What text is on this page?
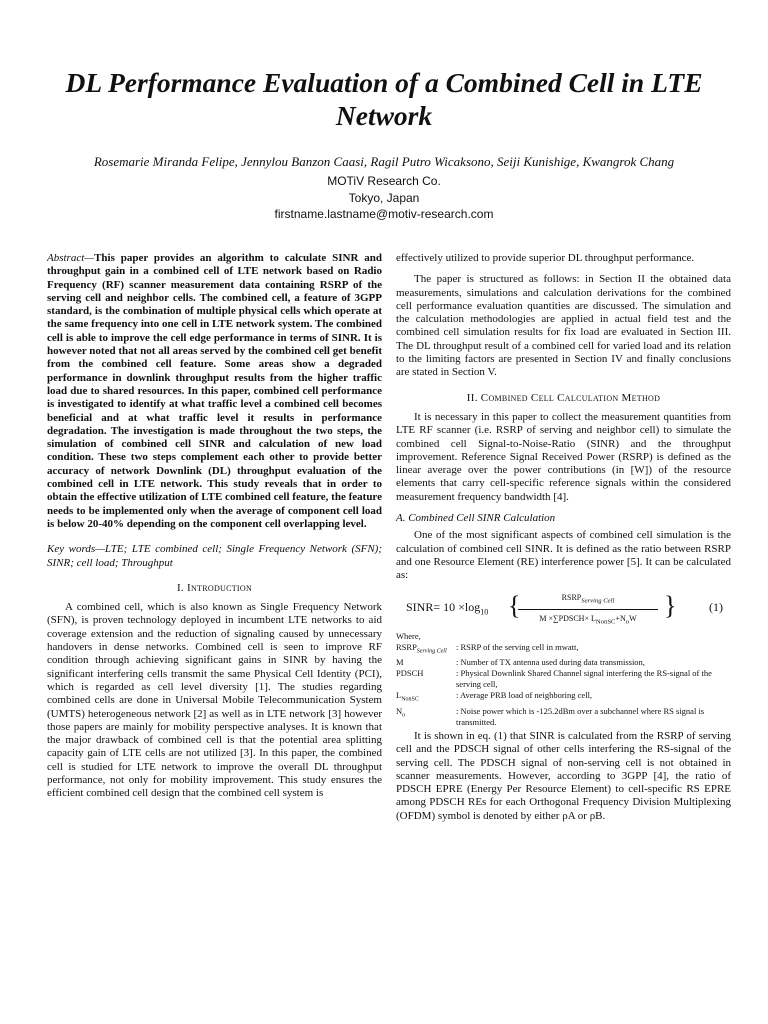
DL Performance Evaluation of a Combined Cell in LTE Network
Rosemarie Miranda Felipe, Jennylou Banzon Caasi, Ragil Putro Wicaksono, Seiji Kunishige, Kwangrok Chang
MOTiV Research Co.
Tokyo, Japan
firstname.lastname@motiv-research.com

Abstract—This paper provides an algorithm to calculate SINR and throughput gain in a combined cell of LTE network based on Radio Frequency (RF) scanner measurement data containing RSRP of the serving cell and neighbor cells. The combined cell, a feature of 3GPP standard, is the combination of multiple physical cells which operate at the same frequency into one cell in LTE network system. The combined cell is able to improve the cell edge performance in terms of SINR. It is however noted that not all areas served by the combined cell get benefit from the combined cell feature. Some areas show a degraded performance in downlink throughput results from the higher traffic load due to shared resources. In this paper, combined cell performance is investigated to identify at what traffic level a combined cell becomes beneficial and at what traffic level it results in performance degradation. The investigation is made throughout the two steps, the simulation of combined cell SINR and calculation of new load condition. These two steps complement each other to provide better accuracy of network Downlink (DL) throughput evaluation of the combined cell in LTE network. This study reveals that in order to obtain the effective utilization of LTE combined cell feature, the feature needs to be implemented only when the average of component cell load is below 20-40% depending on the component cell overlapping level.

Key words—LTE; LTE combined cell; Single Frequency Network (SFN); SINR; cell load; Throughput

I. Introduction

A combined cell, which is also known as Single Frequency Network (SFN), is proven technology deployed in incumbent LTE networks to aid coverage extension and the reduction of signaling caused by unnecessary handovers in dense networks. Combined cell is seen to improve RF condition through achieving significant gains in SINR by having the significant interfering cells transmit the same Physical Cell Identity (PCI), which is regarded as cell level diversity [1]. The studies regarding combined cells are done in Universal Mobile Telecommunication System (UMTS) heterogeneous network [2] as well as in LTE network [3] however those papers are mainly for mobility perspective analyses. It is known that the major drawback of combined cell is that the potential area splitting capacity gain of LTE cells are not utilized [3]. In this paper, the combined cell is studied for LTE network to improve the overall DL throughput performance, not only for mobility improvement. This study ensures the efficient combined cell design that the combined cell system is

effectively utilized to provide superior DL throughput performance.

The paper is structured as follows: in Section II the obtained data measurements, simulations and calculation derivations for the combined cell performance evaluation quantities are discussed. The simulation and the calculation methodologies are applied in actual field test and the combined cell simulation results for fix load are evaluated in Section III. The DL throughput result of a combined cell for varied load and its relation to the limiting factors are presented in Section IV and finally conclusions are stated in Section V.

II. Combined Cell Calculation Method

It is necessary in this paper to collect the measurement quantities from LTE RF scanner (i.e. RSRP of serving and neighbor cell) to simulate the combined cell Signal-to-Noise-Ratio (SINR) and the throughput improvement. Reference Signal Received Power (RSRP) is defined as the linear average over the power contributions (in [W]) of the resource elements that carry cell-specific reference signals within the considered measurement frequency bandwidth [4].

A. Combined Cell SINR Calculation

One of the most significant aspects of combined cell simulation is the calculation of combined cell SINR. It is defined as the ratio between RSRP and one Resource Element (RE) interference power [5]. It can be calculated as:

SINR= $10 \times\log_{10}$ {	$RSRP_{Serving Cell}$
M ×∑PDSCH× $L_{NonSC}+N_oW$	}	(1)
Where,
$RSRP_{Serving Cell}$	: RSRP of the serving cell in mwatt,
M	: Number of TX antenna used during data transmission,
PDSCH	: Physical Downlink Shared Channel signal interfering the RS-signal of the serving cell,
$L_{NonSC}$	: Average PRB load of neighboring cell,
$N_o$	: Noise power which is -125.2dBm over a subchannel where RS signal is transmitted.

It is shown in eq. (1) that SINR is calculated from the RSRP of serving cell and the PDSCH signal of other cells interfering the RS-signal of the serving cell. The PDSCH signal of non-serving cell is not obtained in scanner measurements. However, according to 3GPP [4], the ratio of PDSCH EPRE (Energy Per Resource Element) to cell-specific RS EPRE among PDSCH REs for each Orthogonal Frequency Division Multiplexing (OFDM) symbol is denoted by either ρA or ρB.
